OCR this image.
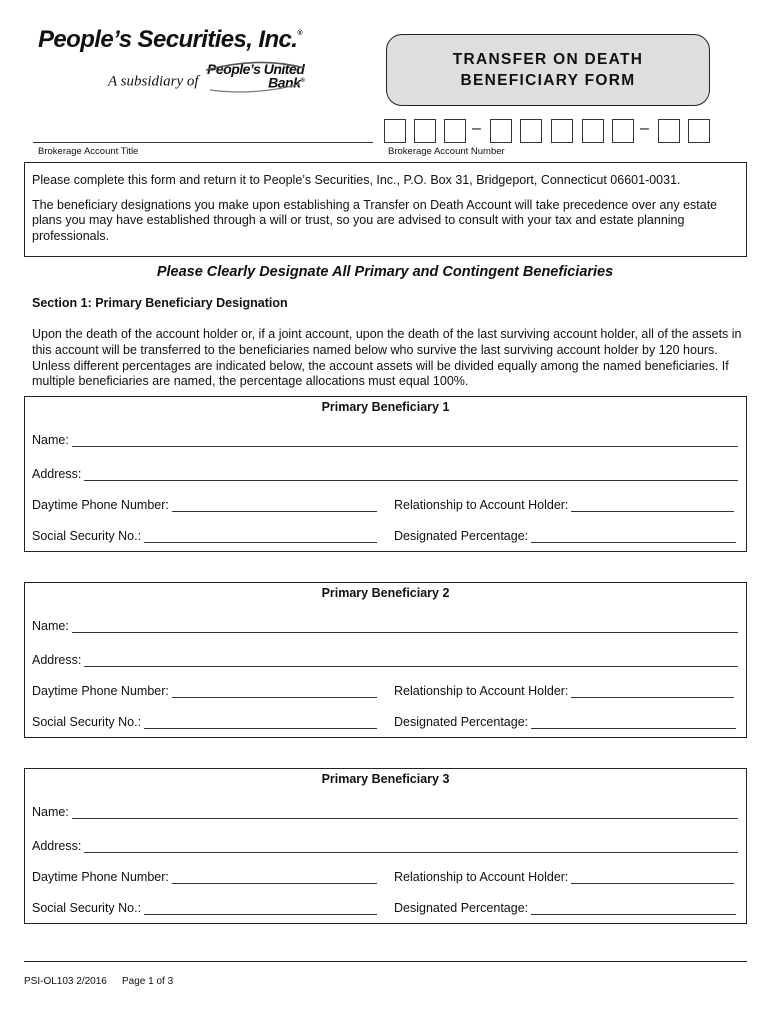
People’s Securities, Inc.®
A subsidiary of People’s United
Bank®
TRANSFER ON DEATH
BENEFICIARY FORM
Brokerage Account Title
–	–
Brokerage Account Number

Please complete this form and return it to People’s Securities, Inc., P.O. Box 31, Bridgeport, Connecticut 06601-0031.

The beneficiary designations you make upon establishing a Transfer on Death Account will take precedence over any estate plans you may have established through a will or trust, so you are advised to consult with your tax and estate planning professionals.

Please Clearly Designate All Primary and Contingent Beneficiaries
Section 1: Primary Beneficiary Designation
Upon the death of the account holder or, if a joint account, upon the death of the last surviving account holder, all of the assets in this account will be transferred to the beneficiaries named below who survive the last surviving account holder by 120 hours. Unless different percentages are indicated below, the account assets will be divided equally among the named beneficiaries. If multiple beneficiaries are named, the percentage allocations must equal 100%.
Primary Beneficiary 1
Name:
Address:
Daytime Phone Number:	Relationship to Account Holder:
Social Security No.:	Designated Percentage:
Primary Beneficiary 2
Name:
Address:
Daytime Phone Number:	Relationship to Account Holder:
Social Security No.:	Designated Percentage:
Primary Beneficiary 3
Name:
Address:
Daytime Phone Number:	Relationship to Account Holder:
Social Security No.:	Designated Percentage:
PSI-OL103 2/2016 Page 1 of 3
